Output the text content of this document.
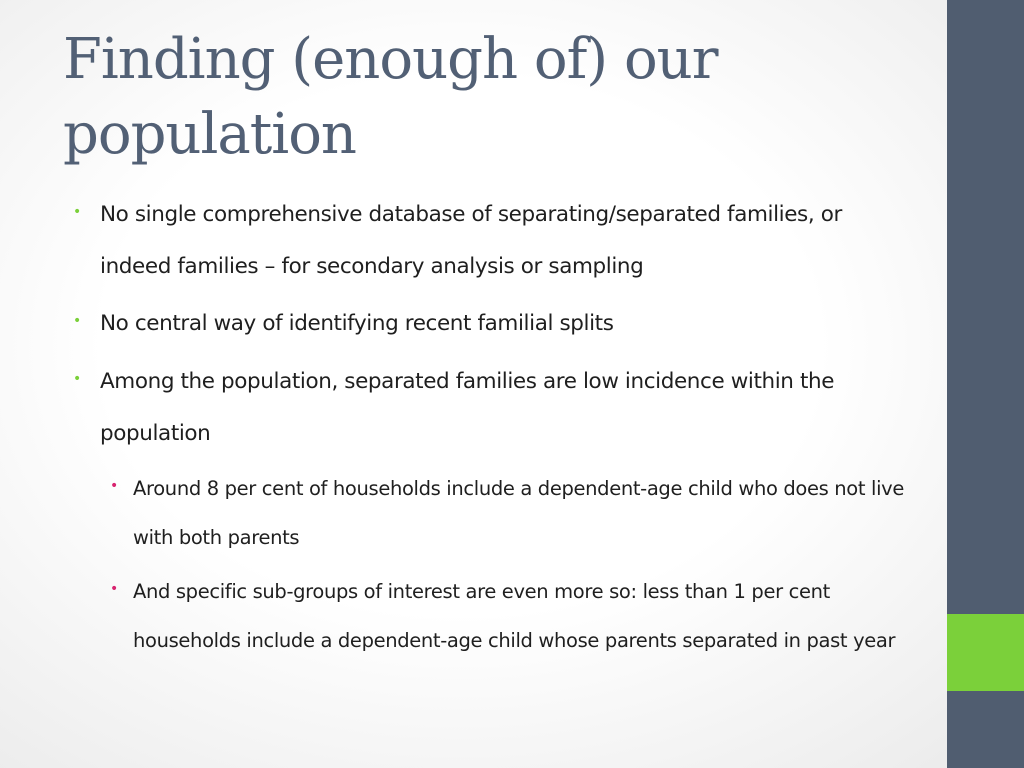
Finding (enough of) our population
• No single comprehensive database of separating/separated families, or indeed families – for secondary analysis or sampling
• No central way of identifying recent familial splits
• Among the population, separated families are low incidence within the population
• Around 8 per cent of households include a dependent-age child who does not live with both parents
• And specific sub-groups of interest are even more so: less than 1 per cent households include a dependent-age child whose parents separated in past year
